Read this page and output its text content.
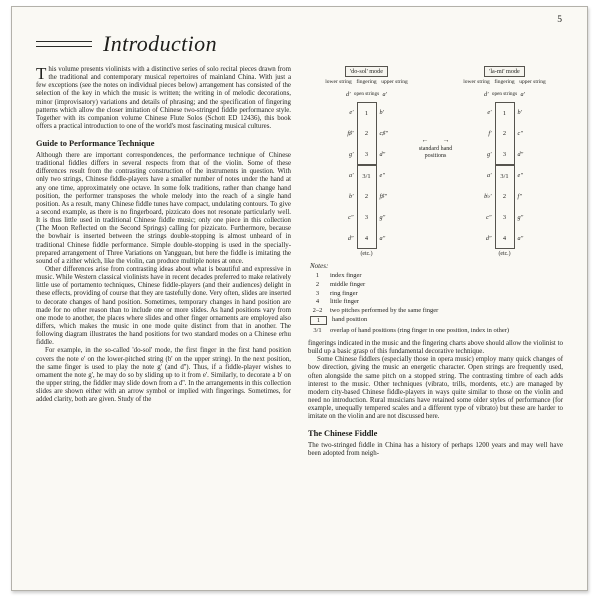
5
Introduction

This volume presents violinists with a distinctive series of solo recital pieces drawn from the traditional and contemporary musical repertoires of mainland China. With just a few exceptions (see the notes on individual pieces below) arrangement has consisted of the selection of the key in which the music is written; the writing in of melodic decorations, minor (improvisatory) variations and details of phrasing; and the specification of fingering patterns which allow the closer imitation of Chinese two-stringed fiddle performance style. Together with its companion volume Chinese Flute Solos (Schott ED 12436), this book offers a practical introduction to one of the world's most fascinating musical cultures.

Guide to Performance Technique

Although there are important correspondences, the performance technique of Chinese traditional fiddles differs in several respects from that of the violin. Some of these differences result from the contrasting construction of the instruments in question. With only two strings, Chinese fiddle-players have a smaller number of notes under the hand at any one time, approximately one octave. In some folk traditions, rather than change hand position, the performer transposes the whole melody into the reach of a single hand position. As a result, many Chinese fiddle tunes have compact, undulating contours. To give a second example, as there is no fingerboard, pizzicato does not resonate particularly well. It is thus little used in traditional Chinese fiddle music; only one piece in this collection (The Moon Reflected on the Second Springs) calling for pizzicato. Furthermore, because the bowhair is inserted between the strings double-stopping is almost unheard of in traditional Chinese fiddle performance. Simple double-stopping is used in the specially-prepared arrangement of Three Variations on Yangguan, but here the fiddle is imitating the sound of a zither which, like the violin, can produce multiple notes at once.

Other differences arise from contrasting ideas about what is beautiful and expressive in music. While Western classical violinists have in recent decades preferred to make relatively little use of portamento techniques, Chinese fiddle-players (and their audiences) delight in these effects, providing of course that they are tastefully done. Very often, slides are inserted to decorate changes of hand position. Sometimes, temporary changes in hand position are made for no other reason than to include one or more slides. As hand positions vary from one mode to another, the places where slides and other finger ornaments are employed also differs, which makes the music in one mode quite distinct from that in another. The following diagram illustrates the hand positions for two standard modes on a Chinese erhu fiddle.

For example, in the so-called 'do-sol' mode, the first finger in the first hand position covers the note e' on the lower-pitched string (b' on the upper string). In the next position, the same finger is used to play the note g' (and d''). Thus, if a fiddle-player wishes to ornament the note g', he may do so by sliding up to it from e'. Similarly, to decorate a b' on the upper string, the fiddler may slide down from a d''. In the arrangements in this collection slides are shown either with an arrow symbol or implied with fingerings. Sometimes, for added clarity, both are given. Study of the

'do-sol' mode
lower string fingering upper string
d′ open strings a′
e′	1	b′
f♯′	2	c♯″
g′	3	d″
a′	3/1	e″
b′	2	f♯″
c″	3	g″
d″	4	a″
(etc.)
← →
standard hand positions
'la-mi' mode
lower string fingering upper string
d′ open strings a′
e′	1	b′
f′	2	c″
g′	3	d″
a′	3/1	e″
b♭′	2	f″
c″	3	g″
d″	4	a″
(etc.)
Notes:
1	index finger
2	middle finger
3	ring finger
4	little finger
2–2	two pitches performed by the same finger
1	hand position
3/1	overlap of hand positions (ring finger in one position, index in other)

fingerings indicated in the music and the fingering charts above should allow the violinist to build up a basic grasp of this fundamental decorative technique.

Some Chinese fiddlers (especially those in opera music) employ many quick changes of bow direction, giving the music an energetic character. Open strings are frequently used, often alongside the same pitch on a stopped string. The contrasting timbre of each adds interest to the music. Other techniques (vibrato, trills, mordents, etc.) are managed by modern city-based Chinese fiddle-players in ways quite similar to those on the violin and need no introduction. Rural musicians have retained some older styles of performance (for example, unequally tempered scales and a different type of vibrato) but these are harder to imitate on the violin and are not discussed here.

The Chinese Fiddle

The two-stringed fiddle in China has a history of perhaps 1200 years and may well have been adopted from neigh-
